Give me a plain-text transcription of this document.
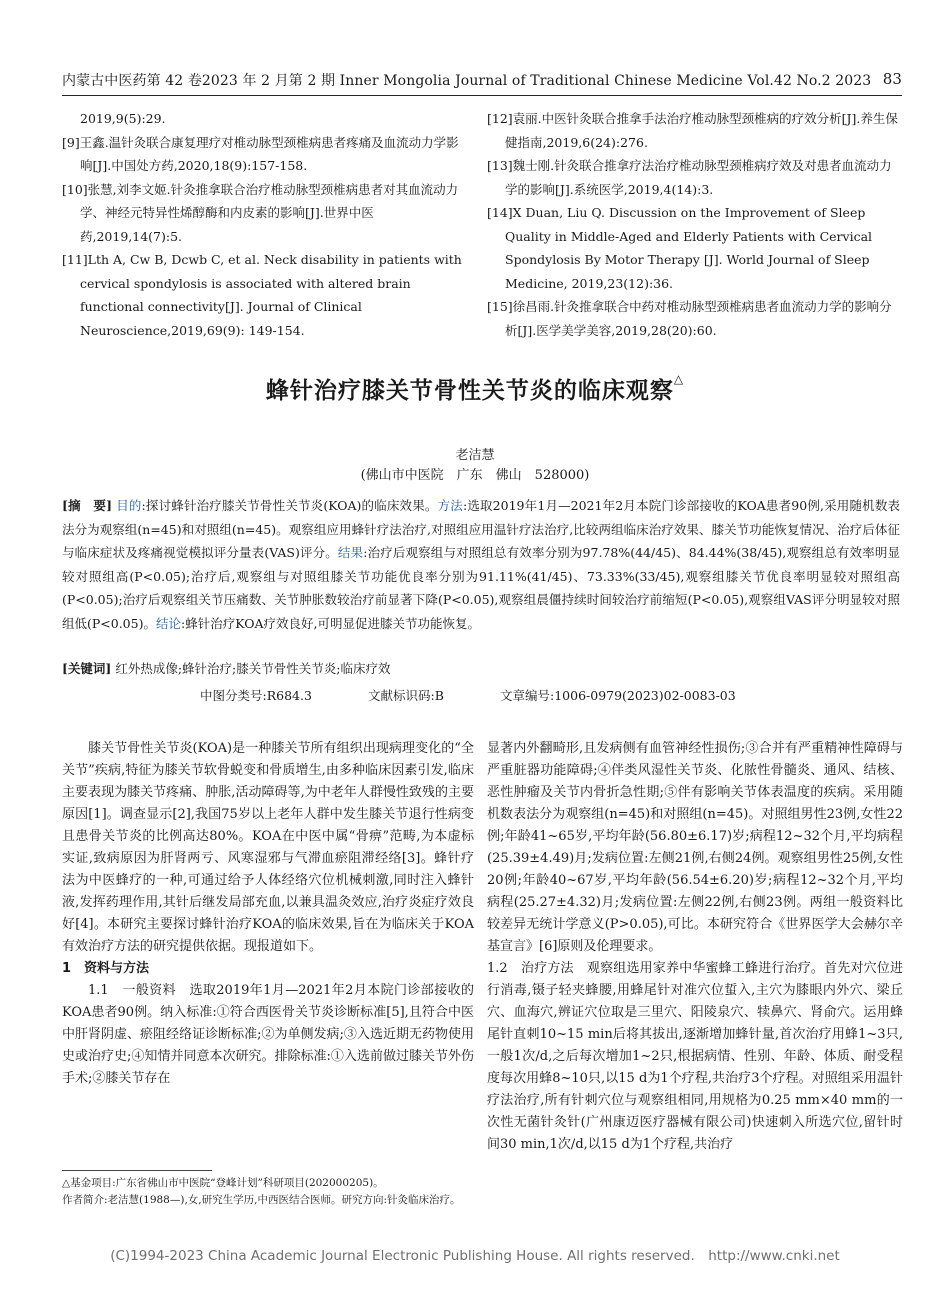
内蒙古中医药第 42 卷2023 年 2 月第 2 期 Inner Mongolia Journal of Traditional Chinese Medicine Vol.42 No.2 2023 83

2019,9(5):29.

[9]王鑫.温针灸联合康复理疗对椎动脉型颈椎病患者疼痛及血流动力学影响[J].中国处方药,2020,18(9):157-158.

[10]张慧,刘李文姬.针灸推拿联合治疗椎动脉型颈椎病患者对其血流动力学、神经元特异性烯醇酶和内皮素的影响[J].世界中医药,2019,14(7):5.

[11]Lth A, Cw B, Dcwb C, et al. Neck disability in patients with cervical spondylosis is associated with altered brain functional connectivity[J]. Journal of Clinical Neuroscience,2019,69(9): 149-154.

[12]袁丽.中医针灸联合推拿手法治疗椎动脉型颈椎病的疗效分析[J].养生保健指南,2019,6(24):276.

[13]魏士刚.针灸联合推拿疗法治疗椎动脉型颈椎病疗效及对患者血流动力学的影响[J].系统医学,2019,4(14):3.

[14]X Duan, Liu Q. Discussion on the Improvement of Sleep Quality in Middle-Aged and Elderly Patients with Cervical Spondylosis By Motor Therapy [J]. World Journal of Sleep Medicine, 2019,23(12):36.

[15]徐昌雨.针灸推拿联合中药对椎动脉型颈椎病患者血流动力学的影响分析[J].医学美学美容,2019,28(20):60.

蜂针治疗膝关节骨性关节炎的临床观察△
老洁慧
(佛山市中医院　广东　佛山　528000)
[摘　要] 目的:探讨蜂针治疗膝关节骨性关节炎(KOA)的临床效果。方法:选取2019年1月—2021年2月本院门诊部接收的KOA患者90例,采用随机数表法分为观察组(n=45)和对照组(n=45)。观察组应用蜂针疗法治疗,对照组应用温针疗法治疗,比较两组临床治疗效果、膝关节功能恢复情况、治疗后体征与临床症状及疼痛视觉模拟评分量表(VAS)评分。结果:治疗后观察组与对照组总有效率分别为97.78%(44/45)、84.44%(38/45),观察组总有效率明显较对照组高(P<0.05);治疗后,观察组与对照组膝关节功能优良率分别为91.11%(41/45)、73.33%(33/45),观察组膝关节优良率明显较对照组高(P<0.05);治疗后观察组关节压痛数、关节肿胀数较治疗前显著下降(P<0.05),观察组晨僵持续时间较治疗前缩短(P<0.05),观察组VAS评分明显较对照组低(P<0.05)。结论:蜂针治疗KOA疗效良好,可明显促进膝关节功能恢复。
[关键词] 红外热成像;蜂针治疗;膝关节骨性关节炎;临床疗效
中图分类号:R684.3	文献标识码:B	文章编号:1006-0979(2023)02-0083-03

膝关节骨性关节炎(KOA)是一种膝关节所有组织出现病理变化的“全关节”疾病,特征为膝关节软骨蜕变和骨质增生,由多种临床因素引发,临床主要表现为膝关节疼痛、肿胀,活动障碍等,为中老年人群慢性致残的主要原因[1]。调查显示[2],我国75岁以上老年人群中发生膝关节退行性病变且患骨关节炎的比例高达80%。KOA在中医中属“骨痹”范畴,为本虚标实证,致病原因为肝肾两亏、风寒湿邪与气滞血瘀阻滞经络[3]。蜂针疗法为中医蜂疗的一种,可通过给予人体经络穴位机械刺激,同时注入蜂针液,发挥药理作用,其针后继发局部充血,以兼具温灸效应,治疗炎症疗效良好[4]。本研究主要探讨蜂针治疗KOA的临床效果,旨在为临床关于KOA有效治疗方法的研究提供依据。现报道如下。

1　资料与方法

1.1　一般资料　选取2019年1月—2021年2月本院门诊部接收的KOA患者90例。纳入标准:①符合西医骨关节炎诊断标准[5],且符合中医中肝肾阴虚、瘀阻经络证诊断标准;②为单侧发病;③入选近期无药物使用史或治疗史;④知情并同意本次研究。排除标准:①入选前做过膝关节外伤手术;②膝关节存在

显著内外翻畸形,且发病侧有血管神经性损伤;③合并有严重精神性障碍与严重脏器功能障碍;④伴类风湿性关节炎、化脓性骨髓炎、通风、结核、恶性肿瘤及关节内骨折急性期;⑤伴有影响关节体表温度的疾病。采用随机数表法分为观察组(n=45)和对照组(n=45)。对照组男性23例,女性22例;年龄41~65岁,平均年龄(56.80±6.17)岁;病程12~32个月,平均病程(25.39±4.49)月;发病位置:左侧21例,右侧24例。观察组男性25例,女性20例;年龄40~67岁,平均年龄(56.54±6.20)岁;病程12~32个月,平均病程(25.27±4.32)月;发病位置:左侧22例,右侧23例。两组一般资料比较差异无统计学意义(P>0.05),可比。本研究符合《世界医学大会赫尔辛基宣言》[6]原则及伦理要求。

1.2　治疗方法　观察组选用家养中华蜜蜂工蜂进行治疗。首先对穴位进行消毒,镊子轻夹蜂腰,用蜂尾针对准穴位蜇入,主穴为膝眼内外穴、梁丘穴、血海穴,辨证穴位取是三里穴、阳陵泉穴、犊鼻穴、肾俞穴。运用蜂尾针直刺10~15 min后将其拔出,逐渐增加蜂针量,首次治疗用蜂1~3只,一般1次/d,之后每次增加1~2只,根据病情、性别、年龄、体质、耐受程度每次用蜂8~10只,以15 d为1个疗程,共治疗3个疗程。对照组采用温针疗法治疗,所有针刺穴位与观察组相同,用规格为0.25 mm×40 mm的一次性无菌针灸针(广州康迈医疗器械有限公司)快速刺入所选穴位,留针时间30 min,1次/d,以15 d为1个疗程,共治疗

△基金项目:广东省佛山市中医院“登峰计划”科研项目(202000205)。
作者简介:老洁慧(1988—),女,研究生学历,中西医结合医师。研究方向:针灸临床治疗。
(C)1994-2023 China Academic Journal Electronic Publishing House. All rights reserved.　http://www.cnki.net
